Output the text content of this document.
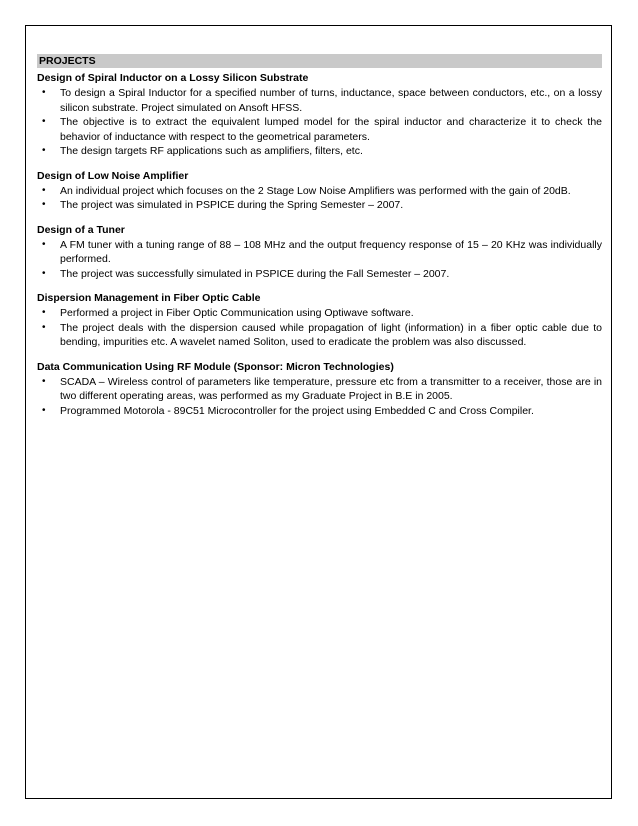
PROJECTS
Design of Spiral Inductor on a Lossy Silicon Substrate
• To design a Spiral Inductor for a specified number of turns, inductance, space between conductors, etc., on a lossy silicon substrate. Project simulated on Ansoft HFSS.
• The objective is to extract the equivalent lumped model for the spiral inductor and characterize it to check the behavior of inductance with respect to the geometrical parameters.
• The design targets RF applications such as amplifiers, filters, etc.
Design of Low Noise Amplifier
• An individual project which focuses on the 2 Stage Low Noise Amplifiers was performed with the gain of 20dB.
• The project was simulated in PSPICE during the Spring Semester – 2007.
Design of a Tuner
• A FM tuner with a tuning range of 88 – 108 MHz and the output frequency response of 15 – 20 KHz was individually performed.
• The project was successfully simulated in PSPICE during the Fall Semester – 2007.
Dispersion Management in Fiber Optic Cable
• Performed a project in Fiber Optic Communication using Optiwave software.
• The project deals with the dispersion caused while propagation of light (information) in a fiber optic cable due to bending, impurities etc. A wavelet named Soliton, used to eradicate the problem was also discussed.
Data Communication Using RF Module (Sponsor: Micron Technologies)
• SCADA – Wireless control of parameters like temperature, pressure etc from a transmitter to a receiver, those are in two different operating areas, was performed as my Graduate Project in B.E in 2005.
• Programmed Motorola - 89C51 Microcontroller for the project using Embedded C and Cross Compiler.
